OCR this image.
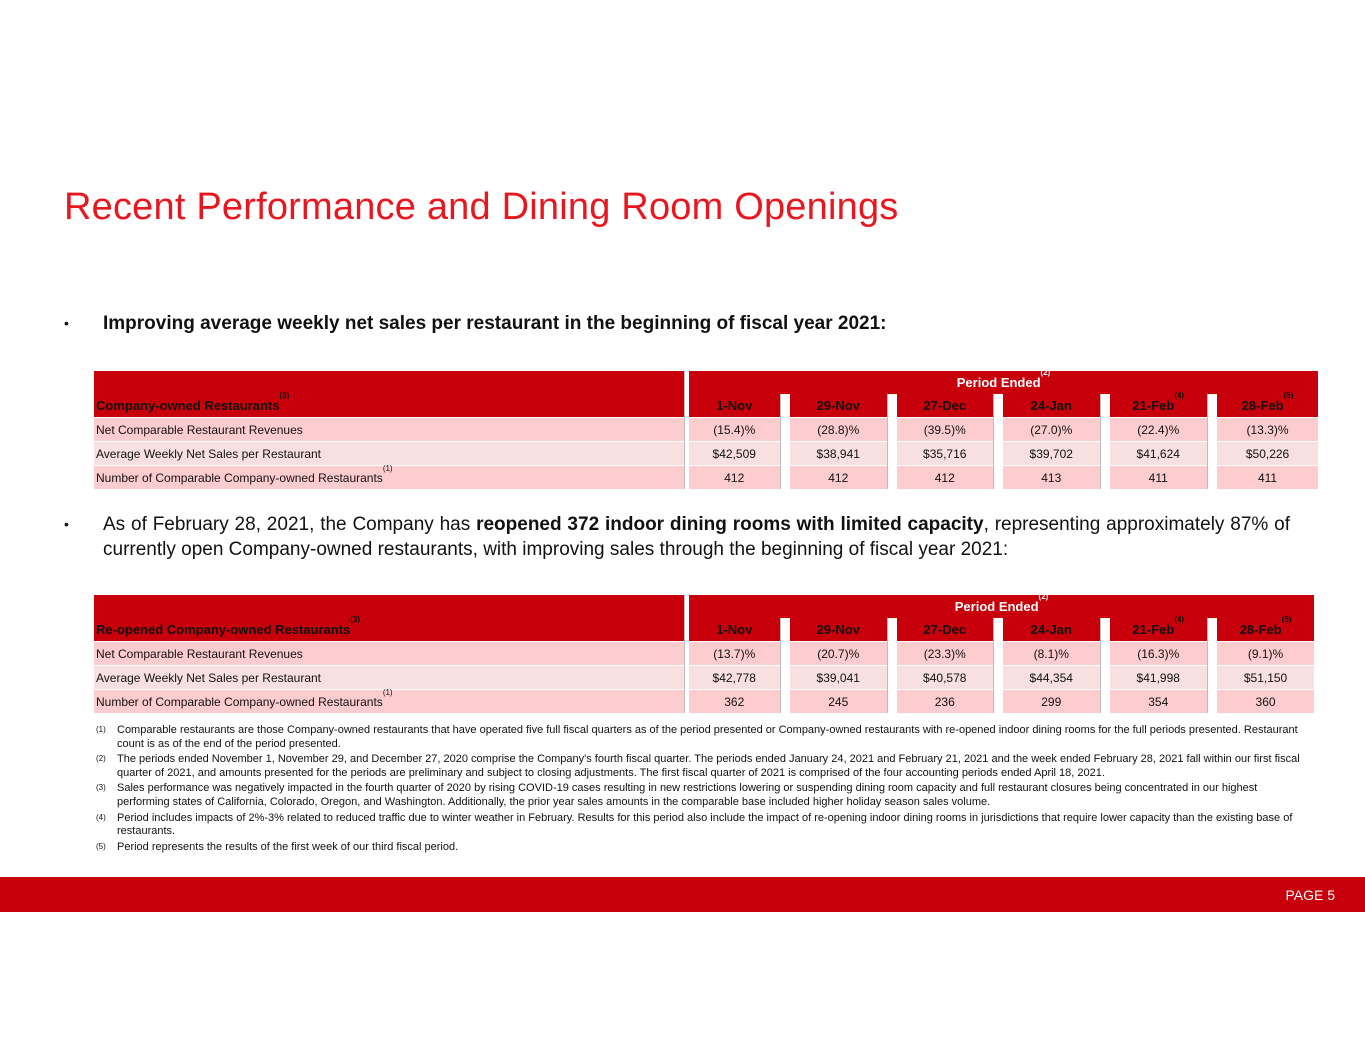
Recent Performance and Dining Room Openings
• Improving average weekly net sales per restaurant in the beginning of fiscal year 2021:
		Period Ended$^{(2)}$
Company-owned Restaurants$^{(3)}$		1-Nov		29-Nov		27-Dec		24-Jan		21-Feb$^{(4)}$		28-Feb$^{(5)}$
Net Comparable Restaurant Revenues		(15.4)%		(28.8)%		(39.5)%		(27.0)%		(22.4)%		(13.3)%
Average Weekly Net Sales per Restaurant		$42,509		$38,941		$35,716		$39,702		$41,624		$50,226
Number of Comparable Company-owned Restaurants$^{(1)}$		412		412		412		413		411		411
• As of February 28, 2021, the Company has reopened 372 indoor dining rooms with limited capacity, representing approximately 87% of currently open Company-owned restaurants, with improving sales through the beginning of fiscal year 2021:
		Period Ended$^{(2)}$
Re-opened Company-owned Restaurants$^{(3)}$		1-Nov		29-Nov		27-Dec		24-Jan		21-Feb$^{(4)}$		28-Feb$^{(5)}$
Net Comparable Restaurant Revenues		(13.7)%		(20.7)%		(23.3)%		(8.1)%		(16.3)%		(9.1)%
Average Weekly Net Sales per Restaurant		$42,778		$39,041		$40,578		$44,354		$41,998		$51,150
Number of Comparable Company-owned Restaurants$^{(1)}$		362		245		236		299		354		360
(1) Comparable restaurants are those Company-owned restaurants that have operated five full fiscal quarters as of the period presented or Company-owned restaurants with re-opened indoor dining rooms for the full periods presented. Restaurant count is as of the end of the period presented.
(2) The periods ended November 1, November 29, and December 27, 2020 comprise the Company's fourth fiscal quarter. The periods ended January 24, 2021 and February 21, 2021 and the week ended February 28, 2021 fall within our first fiscal quarter of 2021, and amounts presented for the periods are preliminary and subject to closing adjustments. The first fiscal quarter of 2021 is comprised of the four accounting periods ended April 18, 2021.
(3) Sales performance was negatively impacted in the fourth quarter of 2020 by rising COVID-19 cases resulting in new restrictions lowering or suspending dining room capacity and full restaurant closures being concentrated in our highest performing states of California, Colorado, Oregon, and Washington. Additionally, the prior year sales amounts in the comparable base included higher holiday season sales volume.
(4) Period includes impacts of 2%-3% related to reduced traffic due to winter weather in February. Results for this period also include the impact of re-opening indoor dining rooms in jurisdictions that require lower capacity than the existing base of restaurants.
(5) Period represents the results of the first week of our third fiscal period.
PAGE 5
